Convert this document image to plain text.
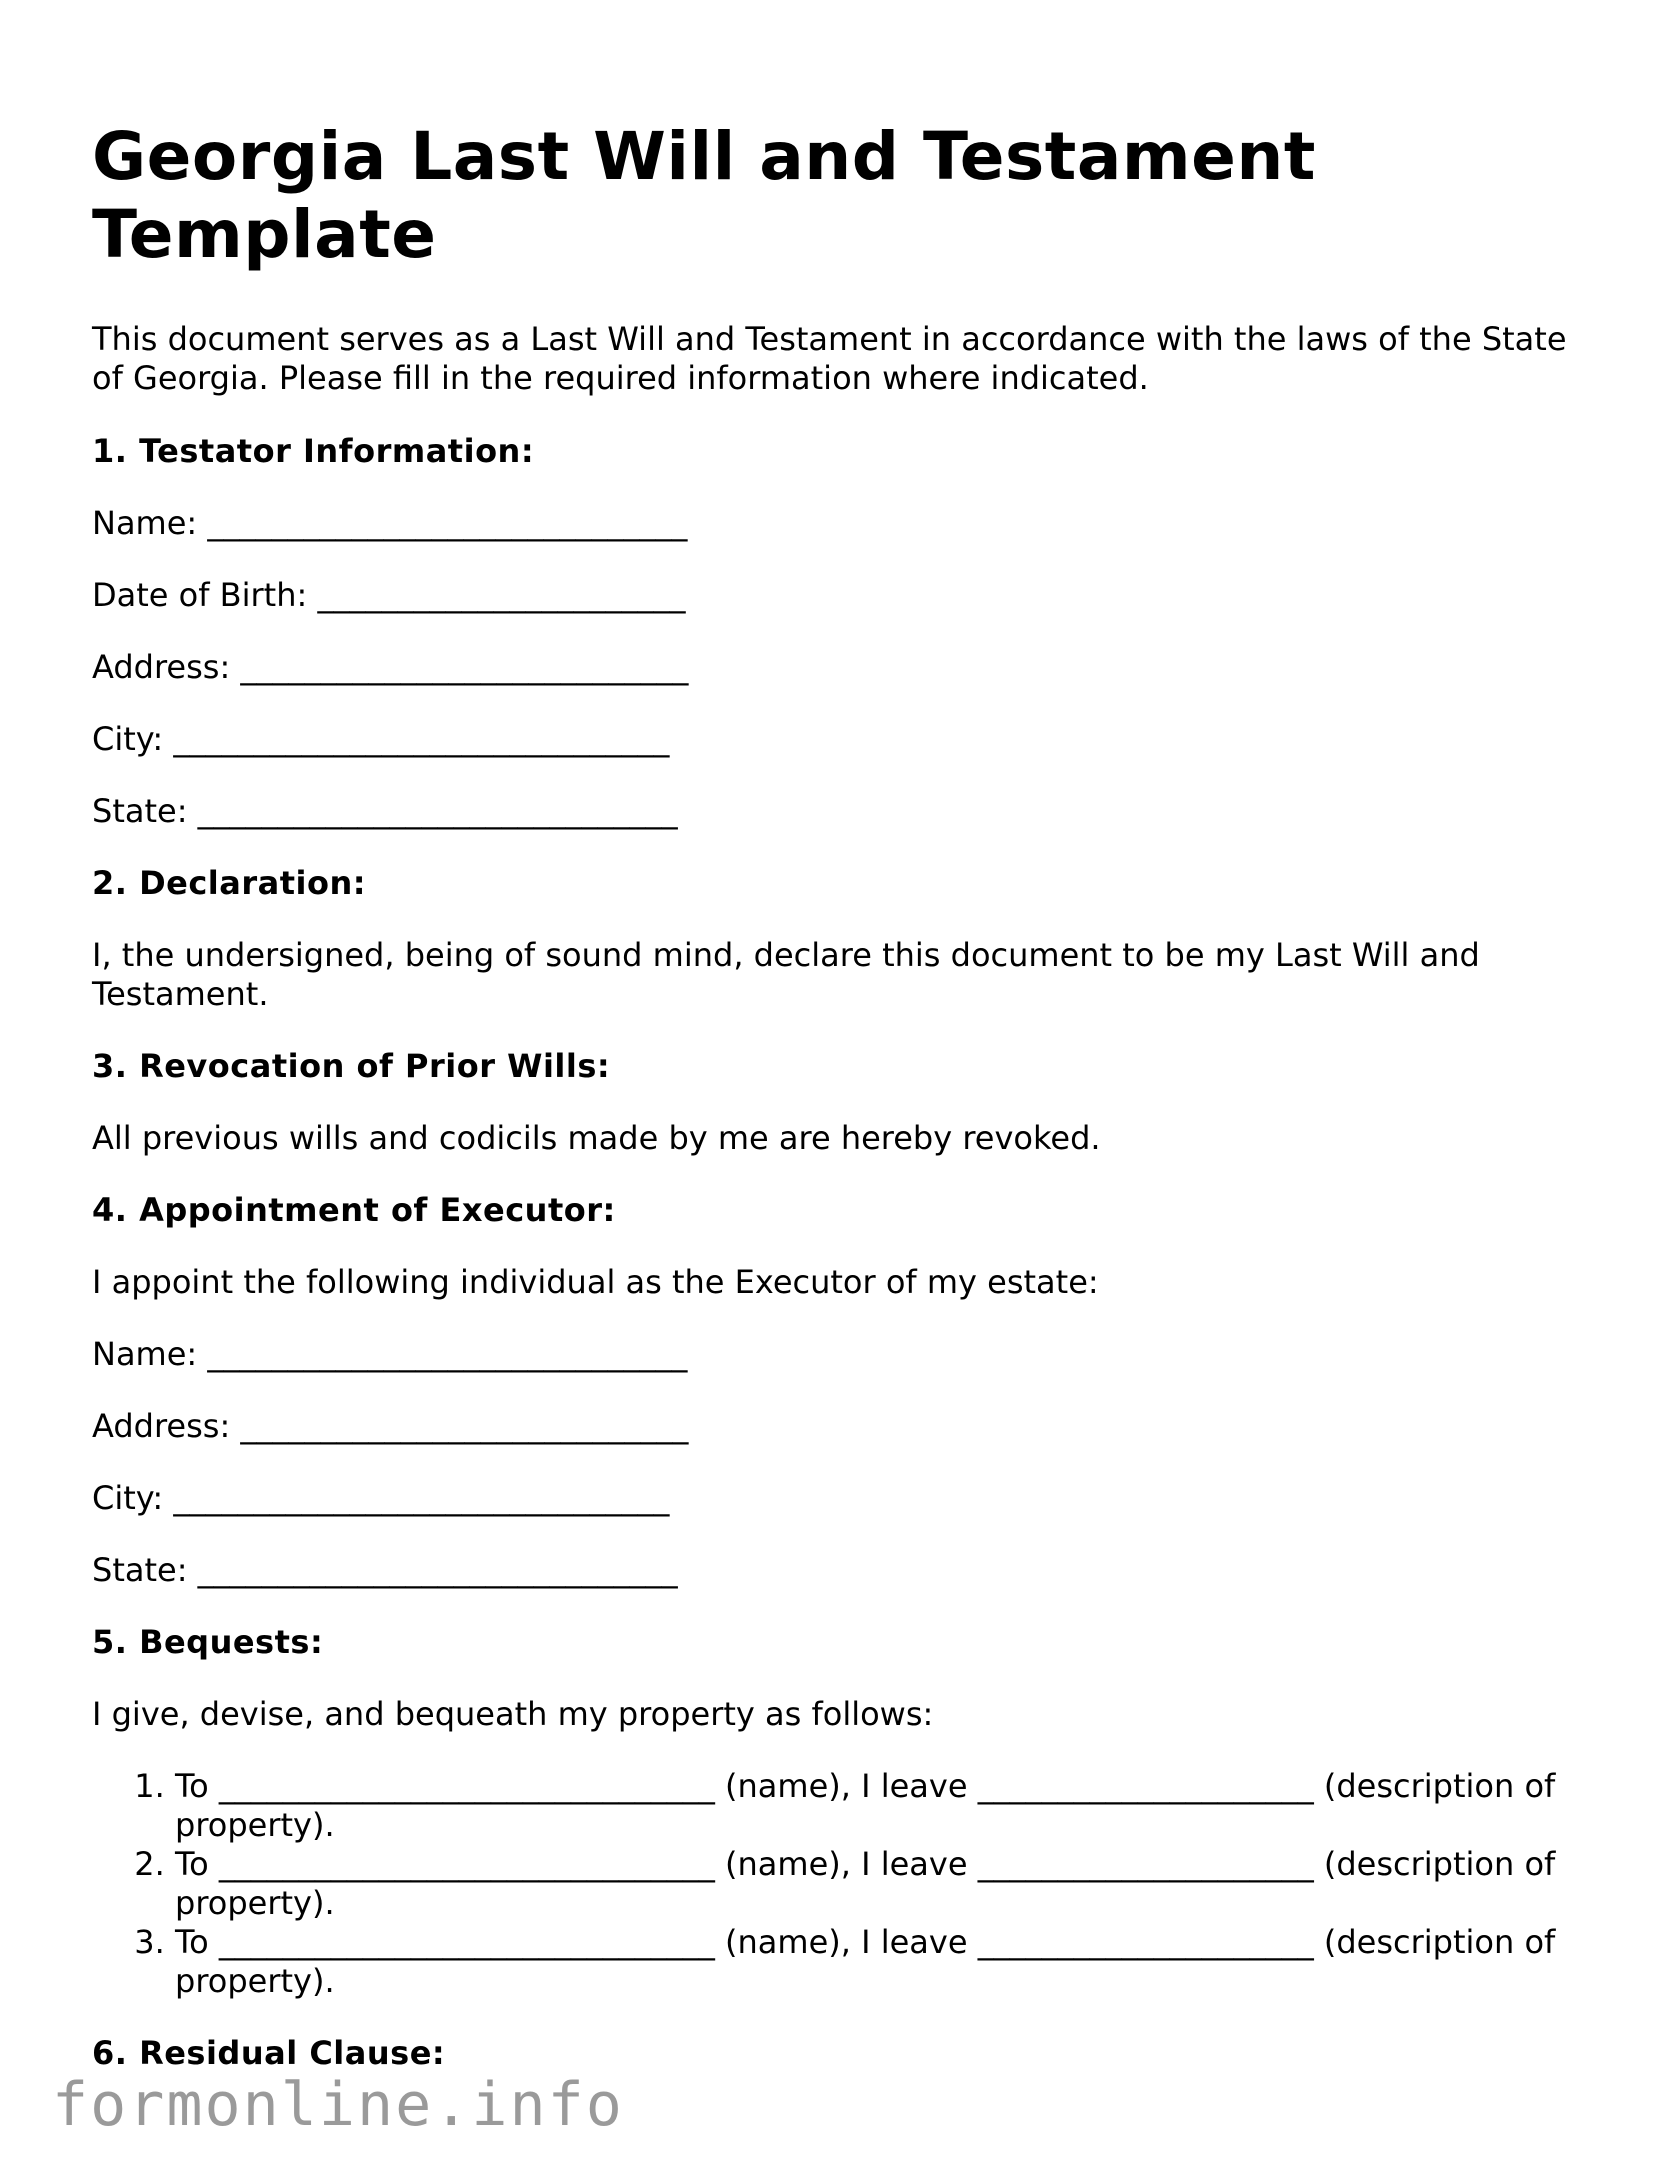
Georgia Last Will and Testament Template

This document serves as a Last Will and Testament in accordance with the laws of the State of Georgia. Please fill in the required information where indicated.

1. Testator Information:
Name: ______________________________
Date of Birth: _______________________
Address: ____________________________
City: _______________________________
State: ______________________________
2. Declaration:

I, the undersigned, being of sound mind, declare this document to be my Last Will and Testament.

3. Revocation of Prior Wills:

All previous wills and codicils made by me are hereby revoked.

4. Appointment of Executor:

I appoint the following individual as the Executor of my estate:

Name: ______________________________
Address: ____________________________
City: _______________________________
State: ______________________________
5. Bequests:

I give, devise, and bequeath my property as follows:

1. To _______________________________ (name), I leave _____________________ (description of property).
2. To _______________________________ (name), I leave _____________________ (description of property).
3. To _______________________________ (name), I leave _____________________ (description of property).
6. Residual Clause:
formonline.info
